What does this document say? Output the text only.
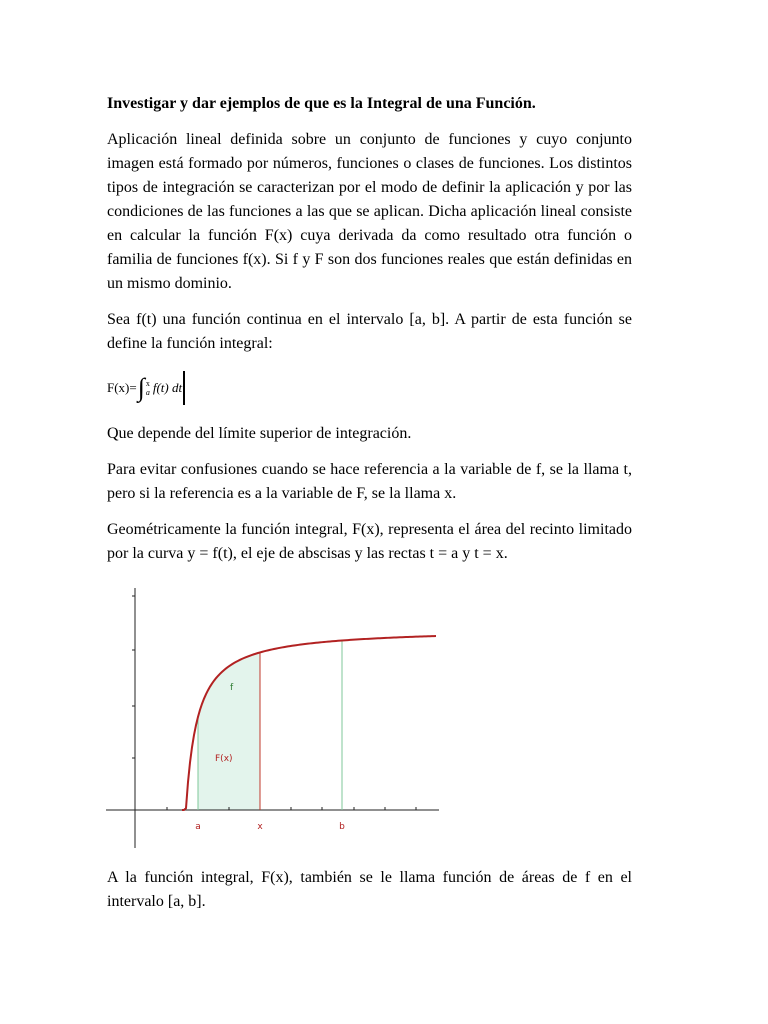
Investigar y dar ejemplos de que es la Integral de una Función.

Aplicación lineal definida sobre un conjunto de funciones y cuyo conjunto imagen está formado por números, funciones o clases de funciones. Los distintos tipos de integración se caracterizan por el modo de definir la aplicación y por las condiciones de las funciones a las que se aplican. Dicha aplicación lineal consiste en calcular la función F(x) cuya derivada da como resultado otra función o familia de funciones f(x). Si f y F son dos funciones reales que están definidas en un mismo dominio.

Sea f(t) una función continua en el intervalo [a, b]. A partir de esta función se define la función integral:

F(x)= ∫ x
a f(t) dt

Que depende del límite superior de integración.

Para evitar confusiones cuando se hace referencia a la variable de f, se la llama t, pero si la referencia es a la variable de F, se la llama x.

Geométricamente la función integral, F(x), representa el área del recinto limitado por la curva y = f(t), el eje de abscisas y las rectas t = a y t = x.

f
F(x)
a	x	b

A la función integral, F(x), también se le llama función de áreas de f en el intervalo [a, b].
